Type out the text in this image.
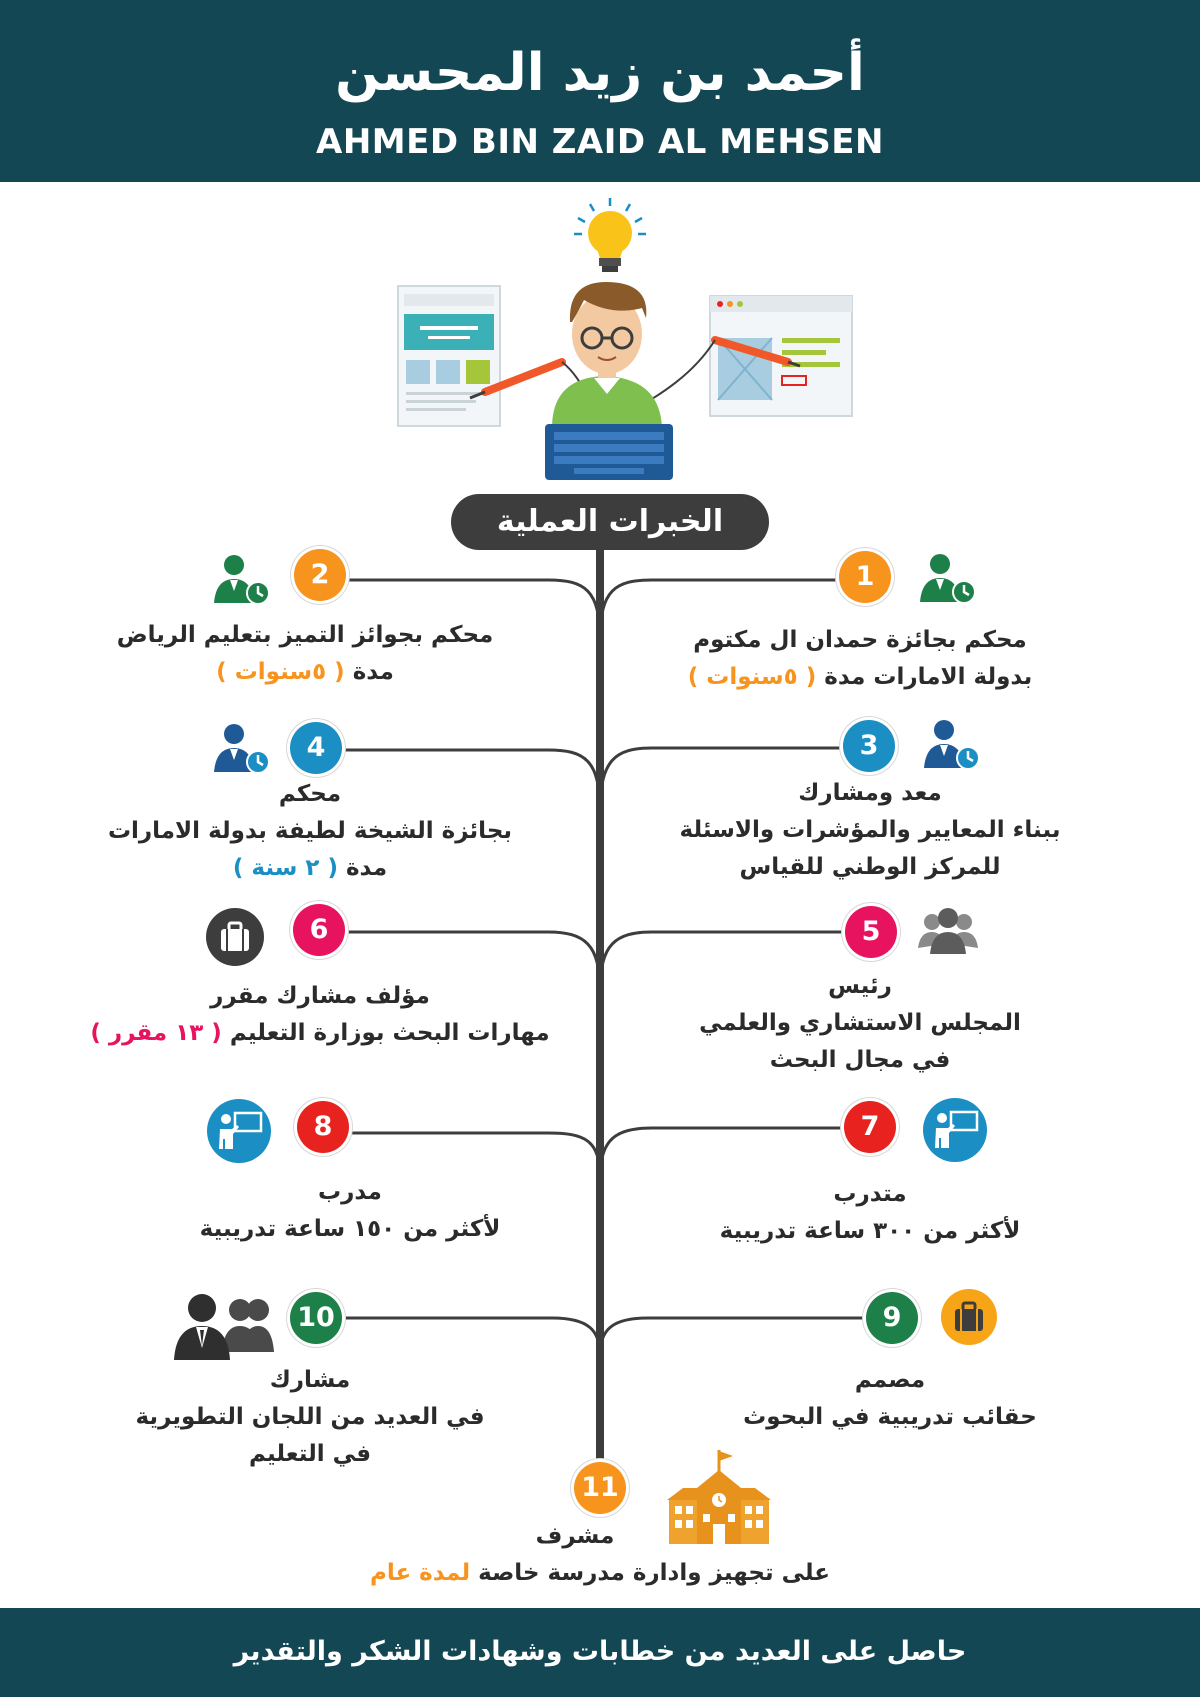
أحمد بن زيد المحسن
AHMED BIN ZAID AL MEHSEN
الخبرات العملية
1
محكم بجائزة حمدان ال مكتوم
بدولة الامارات مدة ( ٥سنوات )
2
محكم بجوائز التميز بتعليم الرياض
مدة ( ٥سنوات )
3
معد ومشارك
ببناء المعايير والمؤشرات والاسئلة
للمركز الوطني للقياس
4
محكم
بجائزة الشيخة لطيفة بدولة الامارات
مدة ( ٢ سنة )
5
رئيس
المجلس الاستشاري والعلمي
في مجال البحث
6
مؤلف مشارك مقرر
مهارات البحث بوزارة التعليم ( ١٣ مقرر )
7
متدرب
لأكثر من ٣٠٠ ساعة تدريبية
8
مدرب
لأكثر من ١٥٠ ساعة تدريبية
9
مصمم
حقائب تدريبية في البحوث
10
مشارك
في العديد من اللجان التطويرية
في التعليم
11
مشرف
على تجهيز وادارة مدرسة خاصة لمدة عام
حاصل على العديد من خطابات وشهادات الشكر والتقدير
